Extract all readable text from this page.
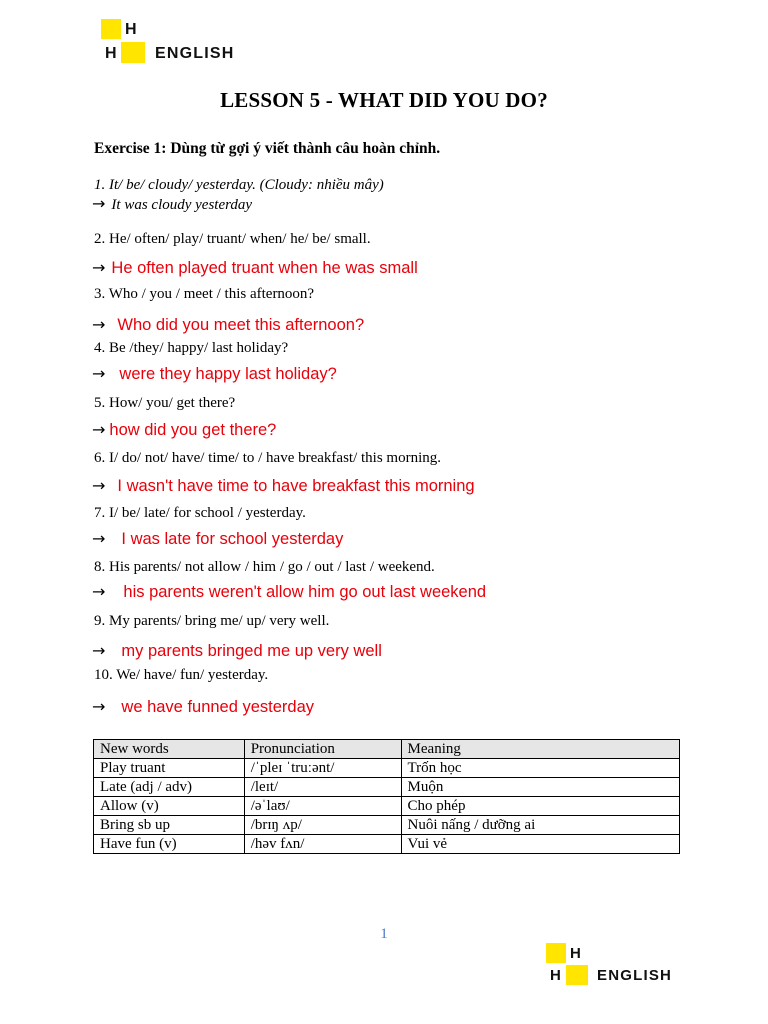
H
H ENGLISH
LESSON 5 - WHAT DID YOU DO?
Exercise 1: Dùng từ gợi ý viết thành câu hoàn chỉnh.
1. It/ be/ cloudy/ yesterday. (Cloudy: nhiều mây)
→ It was cloudy yesterday
2. He/ often/ play/ truant/ when/ he/ be/ small.
→ He often played truant when he was small
3. Who / you / meet / this afternoon?
→ Who did you meet this afternoon?
4. Be /they/ happy/ last holiday?
→ were they happy last holiday?
5. How/ you/ get there?
→ how did you get there?
6. I/ do/ not/ have/ time/ to / have breakfast/ this morning.
→ I wasn't have time to have breakfast this morning
7. I/ be/ late/ for school / yesterday.
→ I was late for school yesterday
8. His parents/ not allow / him / go / out / last / weekend.
→ his parents weren't allow him go out last weekend
9. My parents/ bring me/ up/ very well.
→ my parents bringed me up very well
10. We/ have/ fun/ yesterday.
→ we have funned yesterday
New words	Pronunciation	Meaning
Play truant	/ˈpleɪ ˈtruːənt/	Trốn học
Late (adj / adv)	/leɪt/	Muộn
Allow (v)	/əˈlaʊ/	Cho phép
Bring sb up	/brɪŋ ʌp/	Nuôi nấng / dưỡng ai
Have fun (v)	/həv fʌn/	Vui vẻ
1
H
H ENGLISH
